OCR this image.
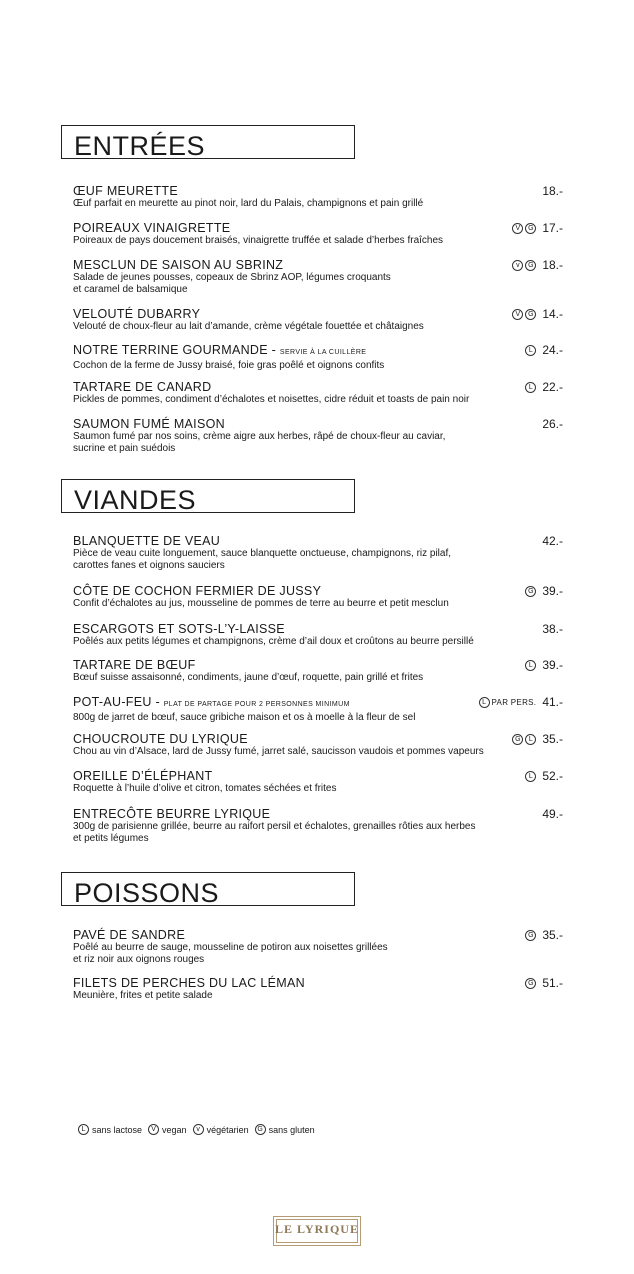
LE LYRIQUE
ENTRÉES
ŒUF MEURETTE
Œuf parfait en meurette au pinot noir, lard du Palais, champignons et pain grillé
18.-
POIREAUX VINAIGRETTE
Poireaux de pays doucement braisés, vinaigrette truffée et salade d’herbes fraîches
V	G 17.-
MESCLUN DE SAISON AU SBRINZ
Salade de jeunes pousses, copeaux de Sbrinz AOP, légumes croquants
et caramel de balsamique
v	G 18.-
VELOUTÉ DUBARRY
Velouté de choux-fleur au lait d’amande, crème végétale fouettée et châtaignes
V	G 14.-
NOTRE TERRINE GOURMANDE - SERVIE À LA CUILLÈRE
Cochon de la ferme de Jussy braisé, foie gras poêlé et oignons confits
L 24.-
TARTARE DE CANARD
Pickles de pommes, condiment d’échalotes et noisettes, cidre réduit et toasts de pain noir
L 22.-
SAUMON FUMÉ MAISON
Saumon fumé par nos soins, crème aigre aux herbes, râpé de choux-fleur au caviar,
sucrine et pain suédois
26.-
VIANDES
BLANQUETTE DE VEAU
Pièce de veau cuite longuement, sauce blanquette onctueuse, champignons, riz pilaf,
carottes fanes et oignons sauciers
42.-
CÔTE DE COCHON FERMIER DE JUSSY
Confit d’échalotes au jus, mousseline de pommes de terre au beurre et petit mesclun
G 39.-
ESCARGOTS ET SOTS-L’Y-LAISSE
Poêlés aux petits légumes et champignons, crème d’ail doux et croûtons au beurre persillé
38.-
TARTARE DE BŒUF
Bœuf suisse assaisonné, condiments, jaune d’œuf, roquette, pain grillé et frites
L 39.-
POT-AU-FEU - PLAT DE PARTAGE POUR 2 PERSONNES MINIMUM
800g de jarret de bœuf, sauce gribiche maison et os à moelle à la fleur de sel
L PAR PERS. 41.-
CHOUCROUTE DU LYRIQUE
Chou au vin d’Alsace, lard de Jussy fumé, jarret salé, saucisson vaudois et pommes vapeurs
G	L 35.-
OREILLE D’ÉLÉPHANT
Roquette à l’huile d’olive et citron, tomates séchées et frites
L 52.-
ENTRECÔTE BEURRE LYRIQUE
300g de parisienne grillée, beurre au raifort persil et échalotes, grenailles rôties aux herbes
et petits légumes
49.-
POISSONS
PAVÉ DE SANDRE
Poêlé au beurre de sauge, mousseline de potiron aux noisettes grillées
et riz noir aux oignons rouges
G 35.-
FILETS DE PERCHES DU LAC LÉMAN
Meunière, frites et petite salade
G 51.-
L sans lactose	V vegan	v végétarien	G sans gluten
